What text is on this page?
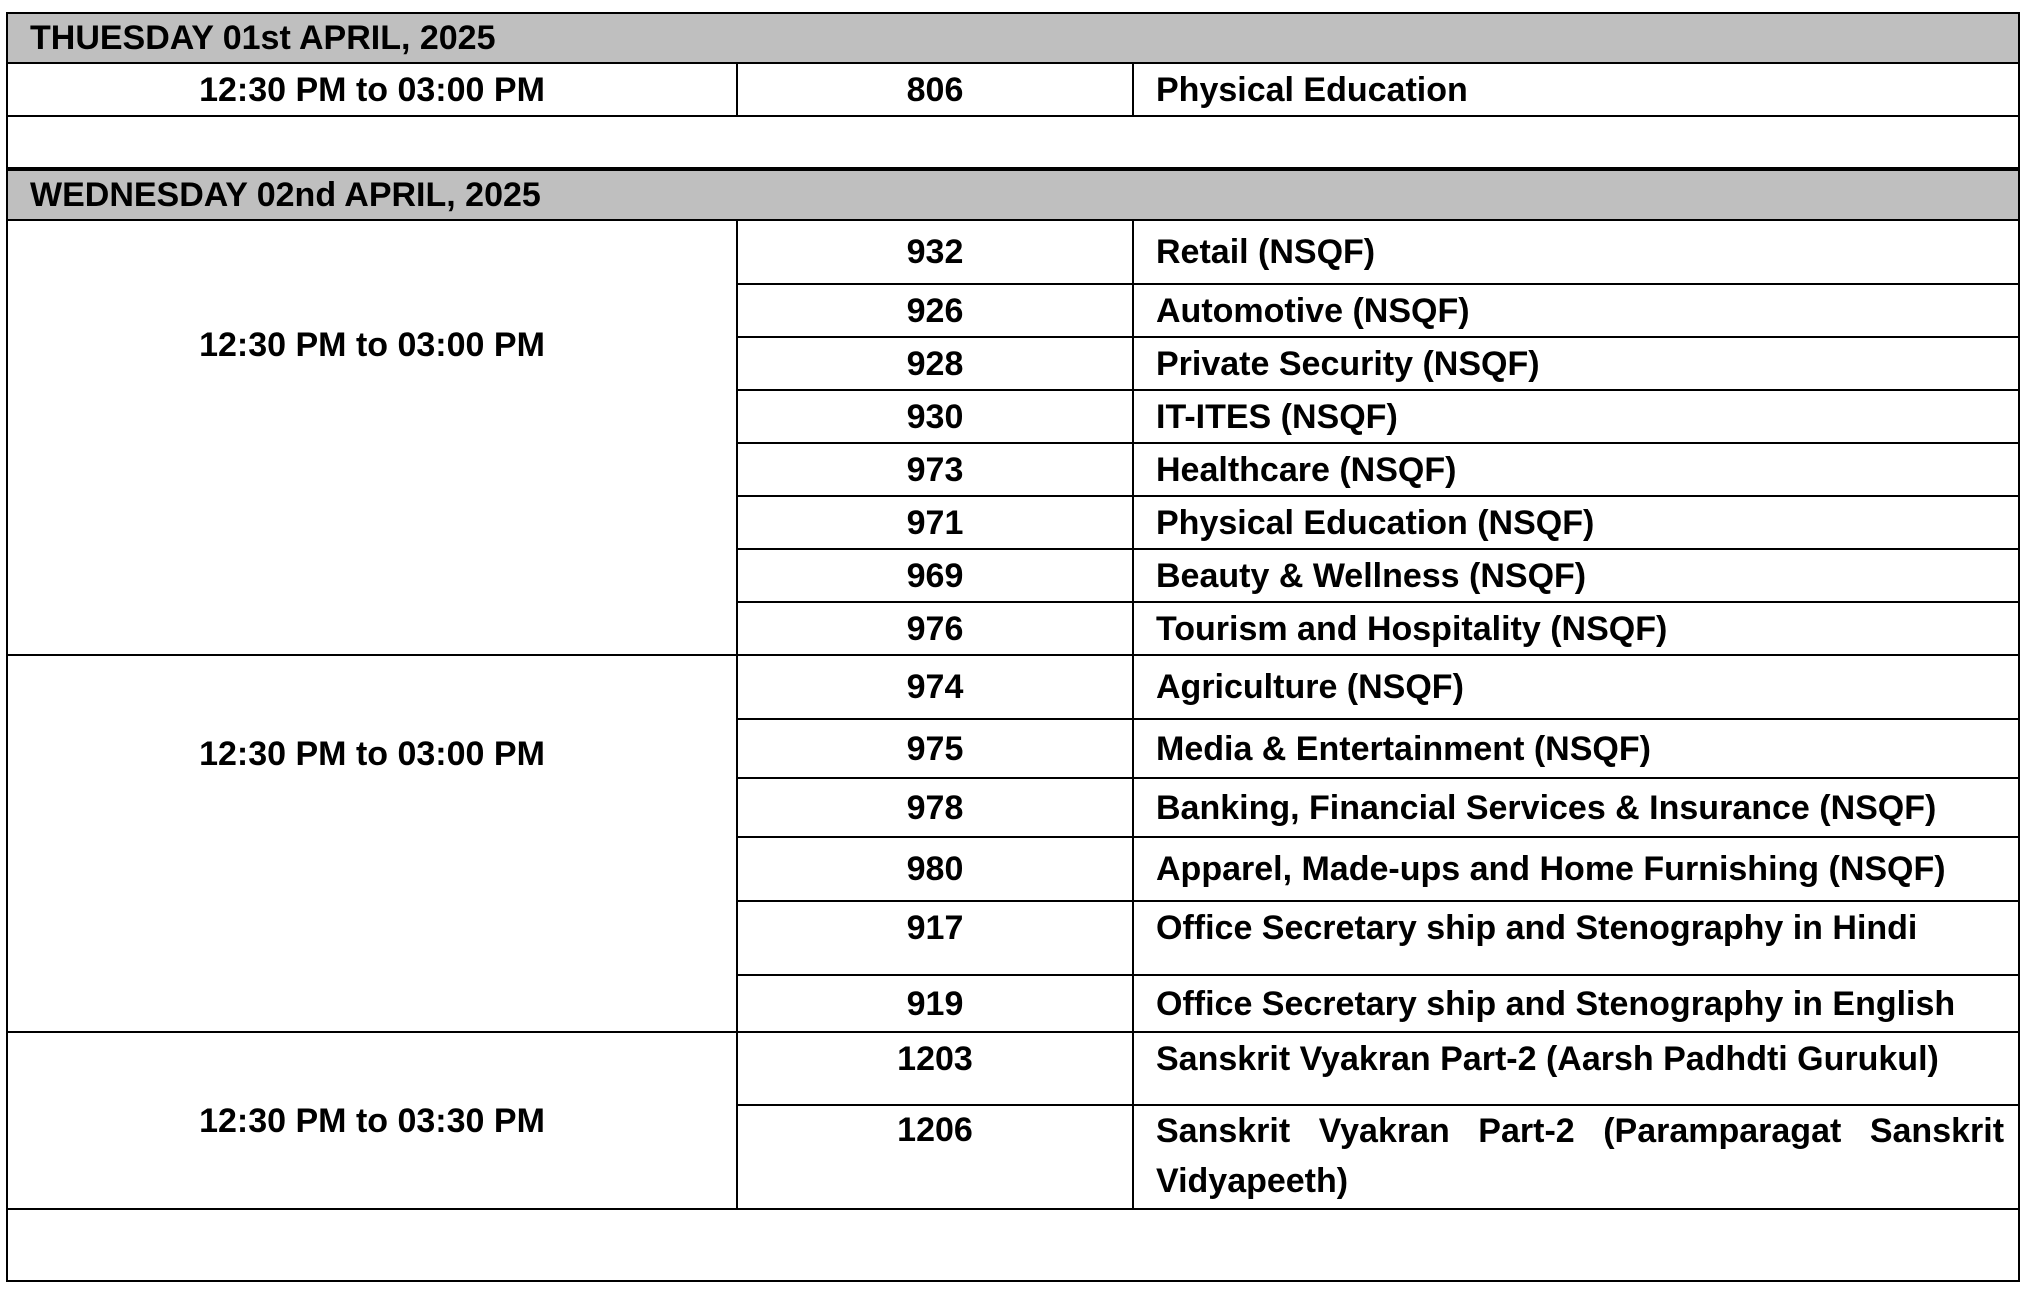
THUESDAY 01st APRIL, 2025		
12:30 PM to 03:00 PM	806	Physical Education

WEDNESDAY 02nd APRIL, 2025		
12:30 PM to 03:00 PM	932	Retail (NSQF)
	926	Automotive (NSQF)
	928	Private Security (NSQF)
	930	IT-ITES (NSQF)
	973	Healthcare (NSQF)
	971	Physical Education (NSQF)
	969	Beauty & Wellness (NSQF)
	976	Tourism and Hospitality (NSQF)
12:30 PM to 03:00 PM	974	Agriculture (NSQF)
	975	Media & Entertainment (NSQF)
	978	Banking, Financial Services & Insurance (NSQF)
	980	Apparel, Made-ups and Home Furnishing (NSQF)
	917	Office Secretary ship and Stenography in Hindi
	919	Office Secretary ship and Stenography in English
12:30 PM to 03:30 PM	1203	Sanskrit Vyakran Part-2 (Aarsh Padhdti Gurukul)
	1206	Sanskrit Vyakran Part-2 (Paramparagat Sanskrit Vidyapeeth)
